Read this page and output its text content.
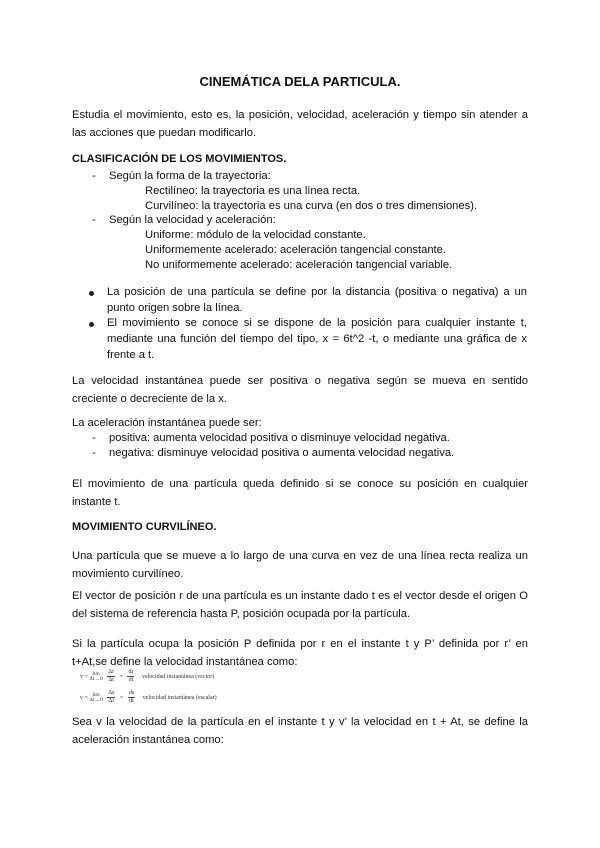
CINEMÁTICA DELA PARTICULA.
Estudia el movimiento, esto es, la posición, velocidad, aceleración y tiempo sin atender a las acciones que puedan modificarlo.
CLASIFICACIÓN DE LOS MOVIMIENTOS.
- Según la forma de la trayectoria:
Rectilíneo: la trayectoria es una línea recta.
Curvilíneo: la trayectoria es una curva (en dos o tres dimensiones).
- Según la velocidad y aceleración:
Uniforme: módulo de la velocidad constante.
Uniformemente acelerado: aceleración tangencial constante.
No uniformemente acelerado: aceleración tangencial variable.
La posición de una partícula se define por la distancia (positiva o negativa) a un punto origen sobre la línea.
El movimiento se conoce si se dispone de la posición para cualquier instante t, mediante una función del tiempo del tipo, x = 6t^2 -t, o mediante una gráfica de x frente a t.
La velocidad instantánea puede ser positiva o negativa según se mueva en sentido creciente o decreciente de la x.
La aceleración instantánea puede ser:
- positiva: aumenta velocidad positiva o disminuye velocidad negativa.
- negativa: disminuye velocidad positiva o aumenta velocidad negativa.
El movimiento de una partícula queda definido si se conoce su posición en cualquier instante t.
MOVIMIENTO CURVILÍNEO.
Una partícula que se mueve a lo largo de una curva en vez de una línea recta realiza un movimiento curvilíneo.
El vector de posición r de una partícula es un instante dado t es el vector desde el origen O del sistema de referencia hasta P, posición ocupada por la partícula.
Si la partícula ocupa la posición P definida por r en el instante t y P’ definida por r’ en t+At,se define la velocidad instantánea como:
v = lim
$\Delta t\to 0 \frac{\Delta r}{\Delta t} = \frac{dr}{dt}$ velocidad instantánea (vector)
v = lim
$\Delta t\to 0 \frac{\Delta s}{\Delta t} = \frac{ds}{dt}$ velocidad instantánea (escalar)
Sea v la velocidad de la partícula en el instante t y v’ la velocidad en t + At, se define la aceleración instantánea como:
